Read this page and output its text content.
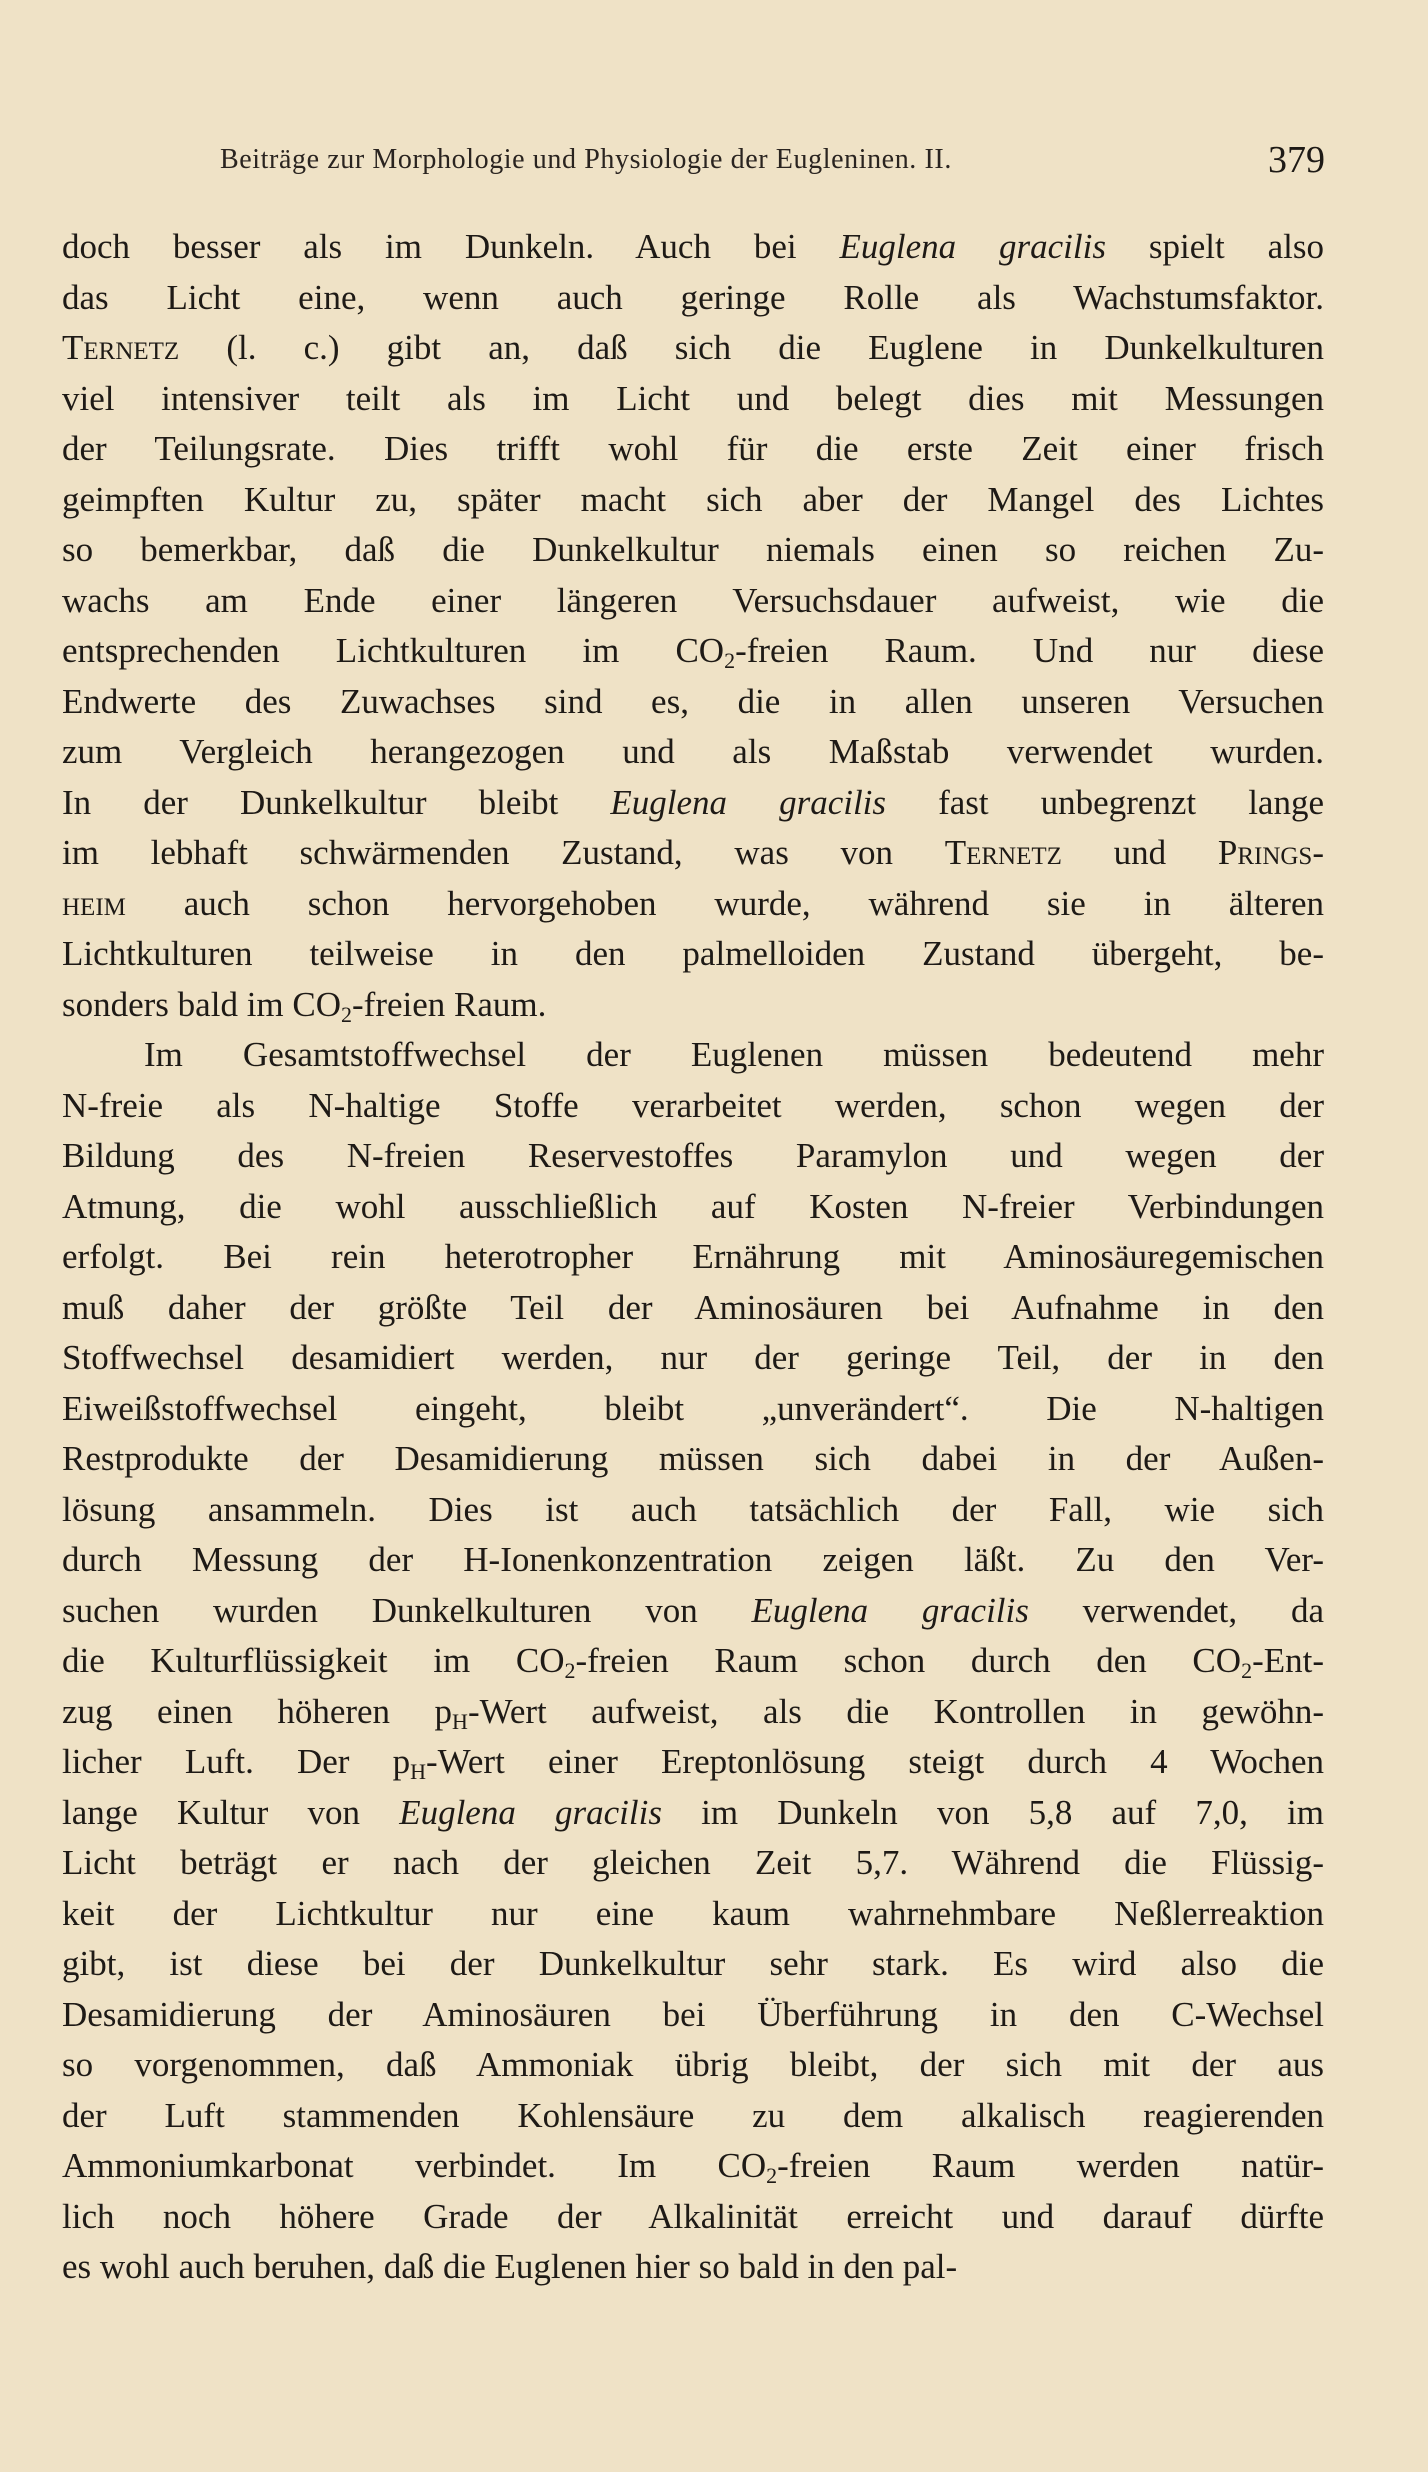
Beiträge zur Morphologie und Physiologie der Eugleninen. II.	379
doch besser als im Dunkeln. Auch bei Euglena gracilis spielt also
das Licht eine, wenn auch geringe Rolle als Wachstumsfaktor.
Ternetz (l. c.) gibt an, daß sich die Euglene in Dunkelkulturen
viel intensiver teilt als im Licht und belegt dies mit Messungen
der Teilungsrate. Dies trifft wohl für die erste Zeit einer frisch
geimpften Kultur zu, später macht sich aber der Mangel des Lichtes
so bemerkbar, daß die Dunkelkultur niemals einen so reichen Zu-
wachs am Ende einer längeren Versuchsdauer aufweist, wie die
entsprechenden Lichtkulturen im $CO_2$-freien Raum. Und nur diese
Endwerte des Zuwachses sind es, die in allen unseren Versuchen
zum Vergleich herangezogen und als Maßstab verwendet wurden.
In der Dunkelkultur bleibt Euglena gracilis fast unbegrenzt lange
im lebhaft schwärmenden Zustand, was von Ternetz und Prings-
heim auch schon hervorgehoben wurde, während sie in älteren
Lichtkulturen teilweise in den palmelloiden Zustand übergeht, be-
sonders bald im $CO_2$-freien Raum.
Im Gesamtstoffwechsel der Euglenen müssen bedeutend mehr
N-freie als N-haltige Stoffe verarbeitet werden, schon wegen der
Bildung des N-freien Reservestoffes Paramylon und wegen der
Atmung, die wohl ausschließlich auf Kosten N-freier Verbindungen
erfolgt. Bei rein heterotropher Ernährung mit Aminosäuregemischen
muß daher der größte Teil der Aminosäuren bei Aufnahme in den
Stoffwechsel desamidiert werden, nur der geringe Teil, der in den
Eiweißstoffwechsel eingeht, bleibt „unverändert“. Die N-haltigen
Restprodukte der Desamidierung müssen sich dabei in der Außen-
lösung ansammeln. Dies ist auch tatsächlich der Fall, wie sich
durch Messung der H-Ionenkonzentration zeigen läßt. Zu den Ver-
suchen wurden Dunkelkulturen von Euglena gracilis verwendet, da
die Kulturflüssigkeit im $CO_2$-freien Raum schon durch den $CO_2-Ent-$
zug einen höheren $p_H$-Wert aufweist, als die Kontrollen in gewöhn-
licher Luft. Der $p_H$-Wert einer Ereptonlösung steigt durch 4 Wochen
lange Kultur von Euglena gracilis im Dunkeln von 5,8 auf 7,0, im
Licht beträgt er nach der gleichen Zeit 5,7. Während die Flüssig-
keit der Lichtkultur nur eine kaum wahrnehmbare Neßlerreaktion
gibt, ist diese bei der Dunkelkultur sehr stark. Es wird also die
Desamidierung der Aminosäuren bei Überführung in den C-Wechsel
so vorgenommen, daß Ammoniak übrig bleibt, der sich mit der aus
der Luft stammenden Kohlensäure zu dem alkalisch reagierenden
Ammoniumkarbonat verbindet. Im $CO_2$-freien Raum werden natür-
lich noch höhere Grade der Alkalinität erreicht und darauf dürfte
es wohl auch beruhen, daß die Euglenen hier so bald in den pal-
